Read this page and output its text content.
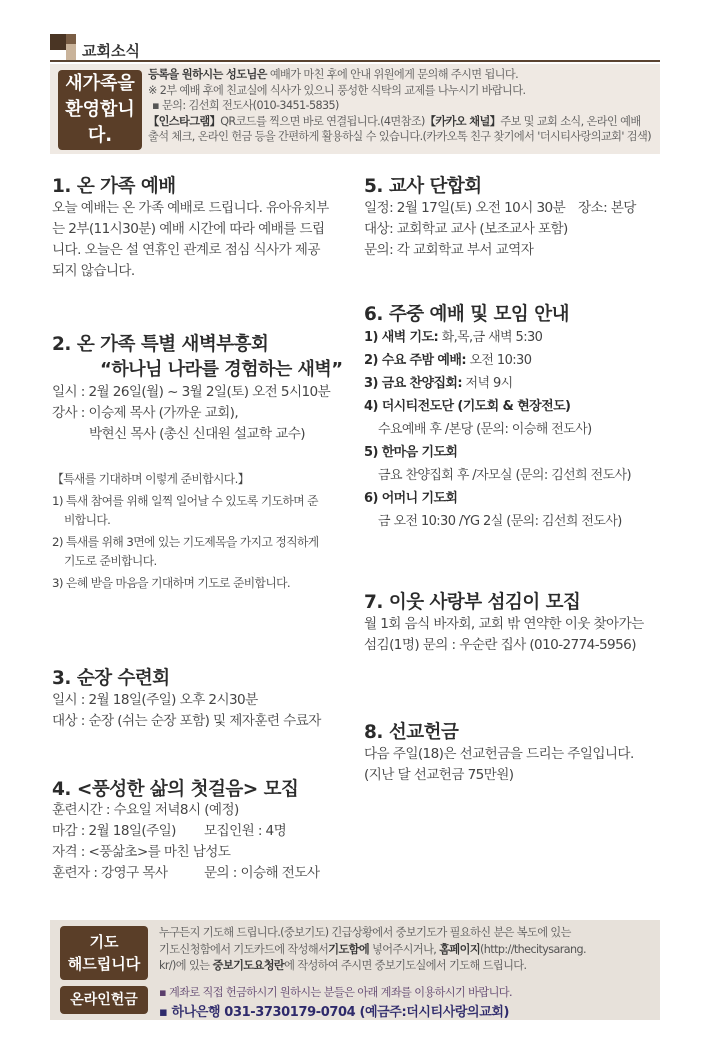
교회소식
새가족을
환영합니다.
등록을 원하시는 성도님은 예배가 마친 후에 안내 위원에게 문의해 주시면 됩니다.
※ 2부 예배 후에 친교실에 식사가 있으니 풍성한 식탁의 교제를 나누시기 바랍니다.
▪ 문의: 김선희 전도사(010-3451-5835)
【인스타그램】QR코드를 찍으면 바로 연결됩니다.(4면참조)【카카오 채널】주보 및 교회 소식, 온라인 예배
출석 체크, 온라인 헌금 등을 간편하게 활용하실 수 있습니다.(카카오톡 친구 찾기에서 '더시티사랑의교회' 검색)
1. 온 가족 예배
오늘 예배는 온 가족 예배로 드립니다. 유아유치부
는 2부(11시30분) 예배 시간에 따라 예배를 드립
니다. 오늘은 설 연휴인 관계로 점심 식사가 제공
되지 않습니다.
2. 온 가족 특별 새벽부흥회
“하나님 나라를 경험하는 새벽”
일시 : 2월 26일(월) ~ 3월 2일(토) 오전 5시10분
강사 : 이승제 목사 (가까운 교회),
박현신 목사 (총신 신대원 설교학 교수)
【특새를 기대하며 이렇게 준비합시다.】
1) 특새 참여를 위해 일찍 일어날 수 있도록 기도하며 준
비합니다.
2) 특새를 위해 3면에 있는 기도제목을 가지고 정직하게
기도로 준비합니다.
3) 은혜 받을 마음을 기대하며 기도로 준비합니다.
3. 순장 수련회
일시 : 2월 18일(주일) 오후 2시30분
대상 : 순장 (쉬는 순장 포함) 및 제자훈련 수료자
4. <풍성한 삶의 첫걸음> 모집
훈련시간 : 수요일 저녁8시 (예정)
마감 : 2월 18일(주일) 모집인원 : 4명
자격 : <풍삶초>를 마친 남성도
훈련자 : 강영구 목사	문의 : 이승해 전도사
5. 교사 단합회
일정: 2월 17일(토) 오전 10시 30분 장소: 본당
대상: 교회학교 교사 (보조교사 포함)
문의: 각 교회학교 부서 교역자
6. 주중 예배 및 모임 안내
1) 새벽 기도: 화,목,금 새벽 5:30
2) 수요 주밤 예배: 오전 10:30
3) 금요 찬양집회: 저녁 9시
4) 더시티전도단 (기도회 & 현장전도)
수요예배 후 /본당 (문의: 이승해 전도사)
5) 한마음 기도회
금요 찬양집회 후 /자모실 (문의: 김선희 전도사)
6) 어머니 기도회
금 오전 10:30 /YG 2실 (문의: 김선희 전도사)
7. 이웃 사랑부 섬김이 모집
월 1회 음식 바자회, 교회 밖 연약한 이웃 찾아가는
섬김(1명) 문의 : 우순란 집사 (010-2774-5956)
8. 선교헌금
다음 주일(18)은 선교헌금을 드리는 주일입니다.
(지난 달 선교헌금 75만원)
기도
해드립니다
온라인헌금
누구든지 기도해 드립니다.(중보기도) 긴급상황에서 중보기도가 필요하신 분은 복도에 있는
기도신청함에서 기도카드에 작성해서기도함에 넣어주시거나, 홈페이지(http://thecitysarang.
kr/)에 있는 중보기도요청란에 작성하여 주시면 중보기도실에서 기도해 드립니다.
▪ 계좌로 직접 헌금하시기 원하시는 분들은 아래 계좌를 이용하시기 바랍니다.
▪ 하나은행 031-3730179-0704 (예금주:더시티사랑의교회)
